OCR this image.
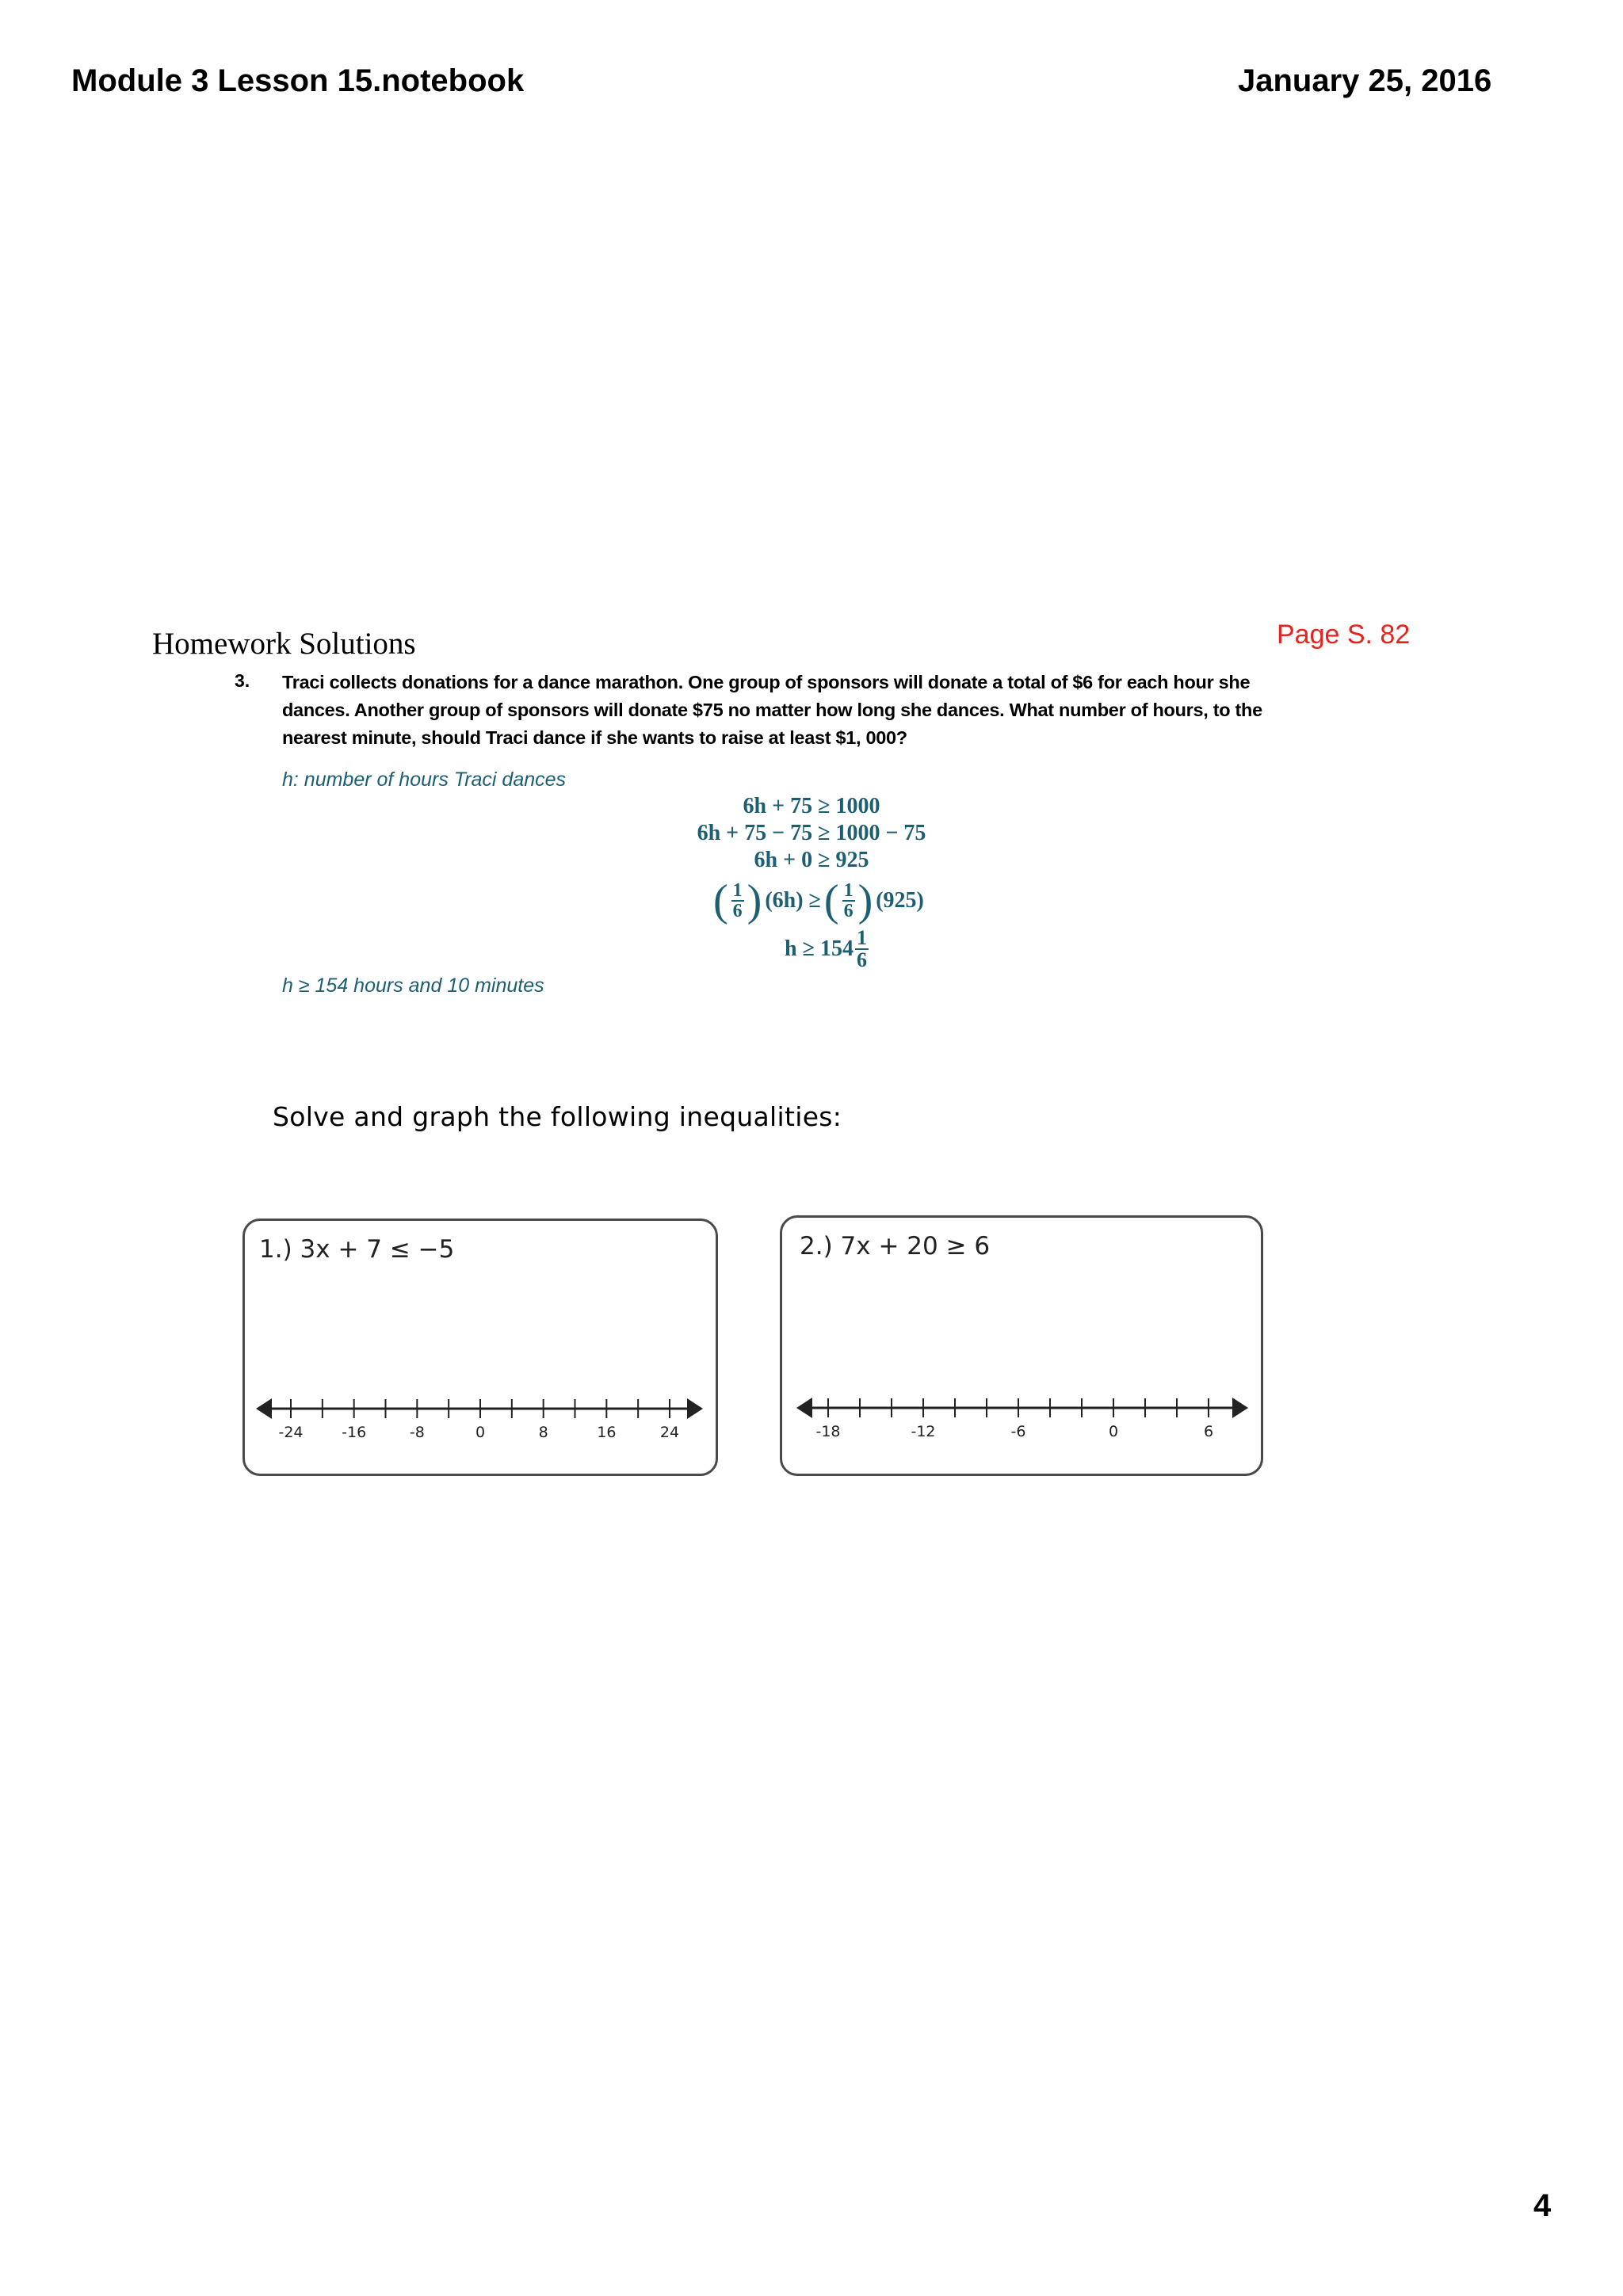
Module 3 Lesson 15.notebook	January 25, 2016
Homework Solutions	Page S. 82
3. Traci collects donations for a dance marathon. One group of sponsors will donate a total of $6 for each hour she
dances. Another group of sponsors will donate $75 no matter how long she dances. What number of hours, to the
nearest minute, should Traci dance if she wants to raise at least $1, 000?
h: number of hours Traci dances
6h + 75 ≥ 1000
6h + 75 − 75 ≥ 1000 − 75
6h + 0 ≥ 925
( $\frac{1}{6}$ ) (6h) ≥ ( $\frac{1}{6}$ ) (925)
$h \ge 154 \frac{1}{6}$
h ≥ 154 hours and 10 minutes
Solve and graph the following inequalities:
1.) 3x + 7 ≤ −5
-24	-16	-8	0	8	16	24
2.) 7x + 20 ≥ 6
-18	-12	-6	0	6
4
